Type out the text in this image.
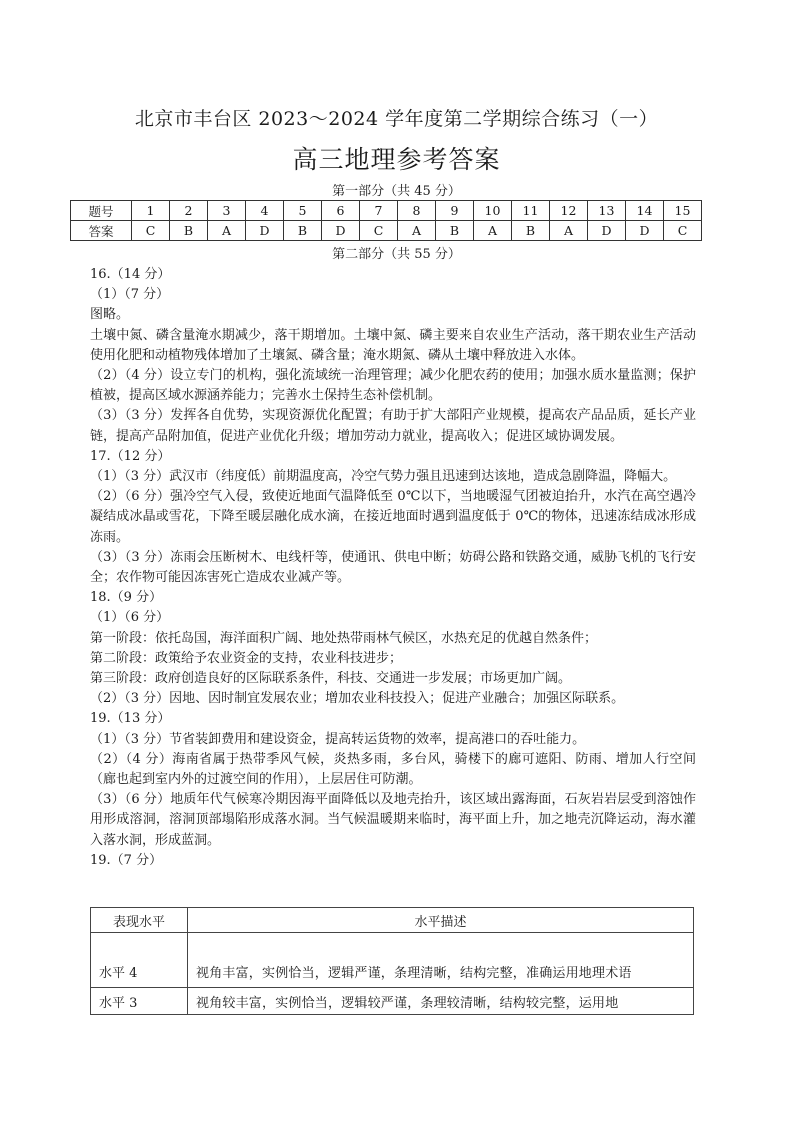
北京市丰台区 2023～2024 学年度第二学期综合练习（一）
高三地理参考答案
第一部分（共 45 分）
题号	1	2	3	4	5	6	7	8	9	10	11	12	13	14	15
答案	C	B	A	D	B	D	C	A	B	A	B	A	D	D	C
第二部分（共 55 分）

16.（14 分）

（1）（7 分）

图略。

土壤中氮、磷含量淹水期减少，落干期增加。土壤中氮、磷主要来自农业生产活动，落干期农业生产活动使用化肥和动植物残体增加了土壤氮、磷含量；淹水期氮、磷从土壤中释放进入水体。

（2）（4 分）设立专门的机构，强化流域统一治理管理；减少化肥农药的使用；加强水质水量监测；保护植被，提高区域水源涵养能力；完善水土保持生态补偿机制。

（3）（3 分）发挥各自优势，实现资源优化配置；有助于扩大部阳产业规模，提高农产品品质，延长产业链，提高产品附加值，促进产业优化升级；增加劳动力就业，提高收入；促进区域协调发展。

17.（12 分）

（1）（3 分）武汉市（纬度低）前期温度高，冷空气势力强且迅速到达该地，造成急剧降温，降幅大。

（2）（6 分）强冷空气入侵，致使近地面气温降低至 0℃以下，当地暖湿气团被迫抬升，水汽在高空遇冷凝结成冰晶或雪花，下降至暖层融化成水滴，在接近地面时遇到温度低于 0℃的物体，迅速冻结成冰形成冻雨。

（3）（3 分）冻雨会压断树木、电线杆等，使通讯、供电中断；妨碍公路和铁路交通，威胁飞机的飞行安全；农作物可能因冻害死亡造成农业减产等。

18.（9 分）

（1）（6 分）

第一阶段：依托岛国，海洋面积广阔、地处热带雨林气候区，水热充足的优越自然条件；

第二阶段：政策给予农业资金的支持，农业科技进步；

第三阶段：政府创造良好的区际联系条件，科技、交通进一步发展；市场更加广阔。

（2）（3 分）因地、因时制宜发展农业；增加农业科技投入；促进产业融合；加强区际联系。

19.（13 分）

（1）（3 分）节省装卸费用和建设资金，提高转运货物的效率，提高港口的吞吐能力。

（2）（4 分）海南省属于热带季风气候，炎热多雨，多台风，骑楼下的廊可遮阳、防雨、增加人行空间（廊也起到室内外的过渡空间的作用），上层居住可防潮。

（3）（6 分）地质年代气候寒冷期因海平面降低以及地壳抬升，该区域出露海面，石灰岩岩层受到溶蚀作用形成溶洞，溶洞顶部塌陷形成落水洞。当气候温暖期来临时，海平面上升，加之地壳沉降运动，海水灌入落水洞，形成蓝洞。

19.（7 分）

表现水平	水平描述
水平 4	视角丰富，实例恰当，逻辑严谨，条理清晰，结构完整，准确运用地理术语
水平 3	视角较丰富，实例恰当，逻辑较严谨，条理较清晰，结构较完整，运用地
